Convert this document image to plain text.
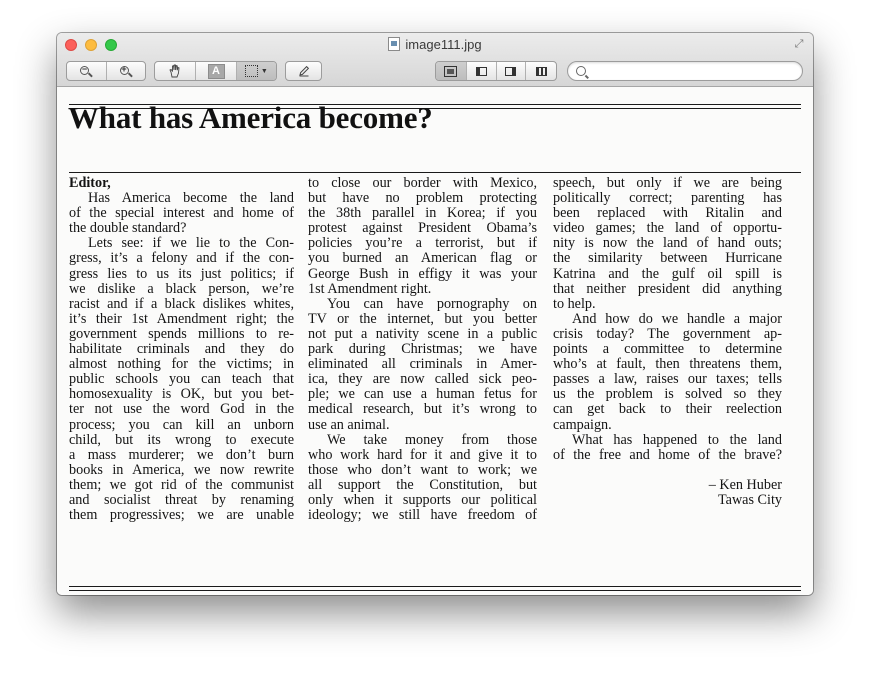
image111.jpg	⤢
−	+	A	▼
What has America become?
Editor,
Has America become the land
of the special interest and home of
the double standard?
Lets see: if we lie to the Con-
gress, it’s a felony and if the con-
gress lies to us its just politics; if
we dislike a black person, we’re
racist and if a black dislikes whites,
it’s their 1st Amendment right; the
government spends millions to re-
habilitate criminals and they do
almost nothing for the victims; in
public schools you can teach that
homosexuality is OK, but you bet-
ter not use the word God in the
process; you can kill an unborn
child, but its wrong to execute
a mass murderer; we don’t burn
books in America, we now rewrite
them; we got rid of the communist
and socialist threat by renaming
them progressives; we are unable
to close our border with Mexico,
but have no problem protecting
the 38th parallel in Korea; if you
protest against President Obama’s
policies you’re a terrorist, but if
you burned an American flag or
George Bush in effigy it was your
1st Amendment right.
You can have pornography on
TV or the internet, but you better
not put a nativity scene in a public
park during Christmas; we have
eliminated all criminals in Amer-
ica, they are now called sick peo-
ple; we can use a human fetus for
medical research, but it’s wrong to
use an animal.
We take money from those
who work hard for it and give it to
those who don’t want to work; we
all support the Constitution, but
only when it supports our political
ideology; we still have freedom of
speech, but only if we are being
politically correct; parenting has
been replaced with Ritalin and
video games; the land of opportu-
nity is now the land of hand outs;
the similarity between Hurricane
Katrina and the gulf oil spill is
that neither president did anything
to help.
And how do we handle a major
crisis today? The government ap-
points a committee to determine
who’s at fault, then threatens them,
passes a law, raises our taxes; tells
us the problem is solved so they
can get back to their reelection
campaign.
What has happened to the land
of the free and home of the brave?
– Ken Huber
Tawas City
